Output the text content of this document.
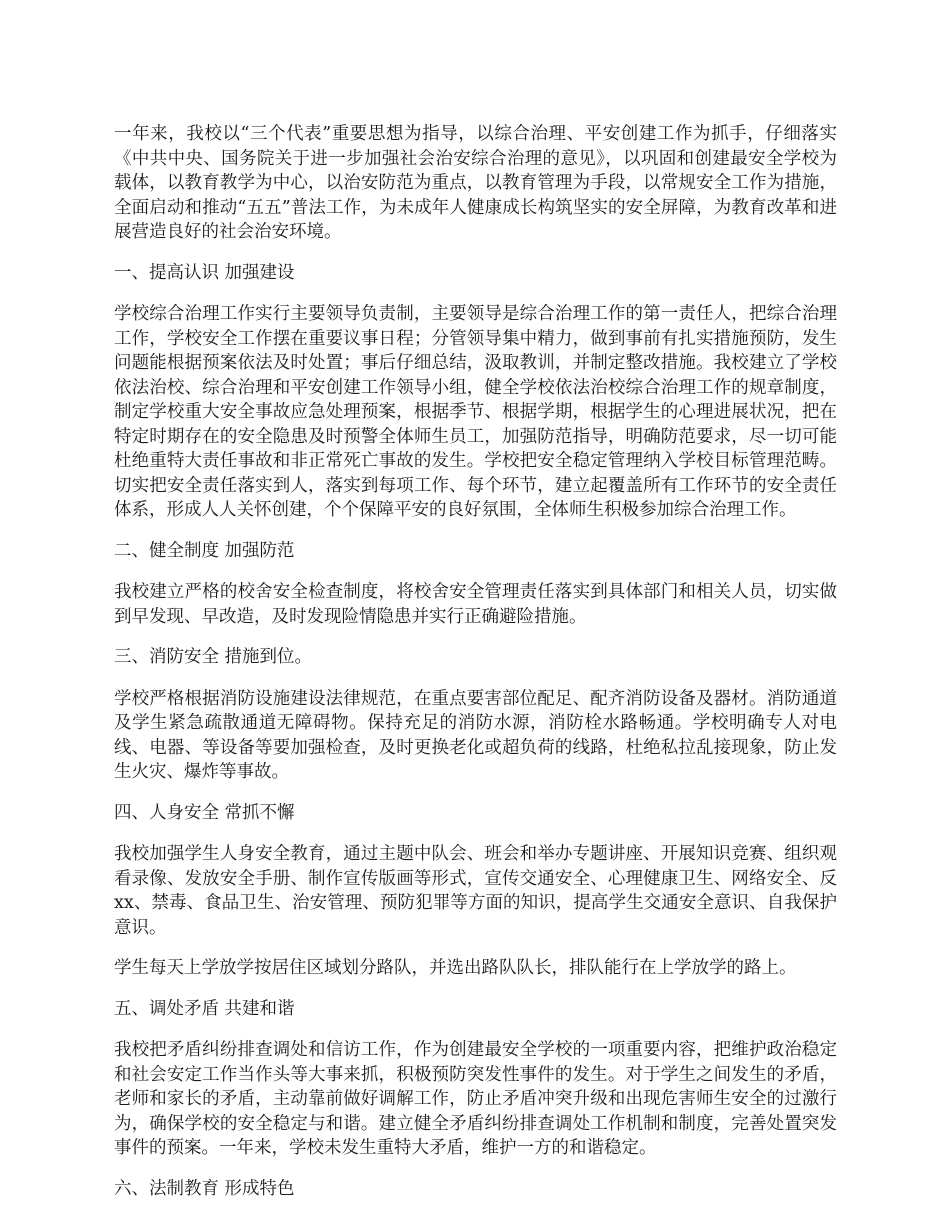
一年来，我校以“三个代表”重要思想为指导，以综合治理、平安创建工作为抓手，仔细落实《中共中央、国务院关于进一步加强社会治安综合治理的意见》，以巩固和创建最安全学校为载体，以教育教学为中心，以治安防范为重点，以教育管理为手段，以常规安全工作为措施，全面启动和推动“五五”普法工作，为未成年人健康成长构筑坚实的安全屏障，为教育改革和进展营造良好的社会治安环境。

一、提高认识 加强建设

学校综合治理工作实行主要领导负责制，主要领导是综合治理工作的第一责任人，把综合治理工作，学校安全工作摆在重要议事日程；分管领导集中精力，做到事前有扎实措施预防，发生问题能根据预案依法及时处置；事后仔细总结，汲取教训，并制定整改措施。我校建立了学校依法治校、综合治理和平安创建工作领导小组，健全学校依法治校综合治理工作的规章制度，制定学校重大安全事故应急处理预案，根据季节、根据学期，根据学生的心理进展状况，把在特定时期存在的安全隐患及时预警全体师生员工，加强防范指导，明确防范要求，尽一切可能杜绝重特大责任事故和非正常死亡事故的发生。学校把安全稳定管理纳入学校目标管理范畴。切实把安全责任落实到人，落实到每项工作、每个环节，建立起覆盖所有工作环节的安全责任体系，形成人人关怀创建，个个保障平安的良好氛围，全体师生积极参加综合治理工作。

二、健全制度 加强防范

我校建立严格的校舍安全检查制度，将校舍安全管理责任落实到具体部门和相关人员，切实做到早发现、早改造，及时发现险情隐患并实行正确避险措施。

三、消防安全 措施到位。

学校严格根据消防设施建设法律规范，在重点要害部位配足、配齐消防设备及器材。消防通道及学生紧急疏散通道无障碍物。保持充足的消防水源，消防栓水路畅通。学校明确专人对电线、电器、等设备等要加强检查，及时更换老化或超负荷的线路，杜绝私拉乱接现象，防止发生火灾、爆炸等事故。

四、人身安全 常抓不懈

我校加强学生人身安全教育，通过主题中队会、班会和举办专题讲座、开展知识竞赛、组织观看录像、发放安全手册、制作宣传版画等形式，宣传交通安全、心理健康卫生、网络安全、反xx、禁毒、食品卫生、治安管理、预防犯罪等方面的知识，提高学生交通安全意识、自我保护意识。

学生每天上学放学按居住区域划分路队，并选出路队队长，排队能行在上学放学的路上。

五、调处矛盾 共建和谐

我校把矛盾纠纷排查调处和信访工作，作为创建最安全学校的一项重要内容，把维护政治稳定和社会安定工作当作头等大事来抓，积极预防突发性事件的发生。对于学生之间发生的矛盾，老师和家长的矛盾，主动靠前做好调解工作，防止矛盾冲突升级和出现危害师生安全的过激行为，确保学校的安全稳定与和谐。建立健全矛盾纠纷排查调处工作机制和制度，完善处置突发事件的预案。一年来，学校未发生重特大矛盾，维护一方的和谐稳定。

六、法制教育 形成特色
